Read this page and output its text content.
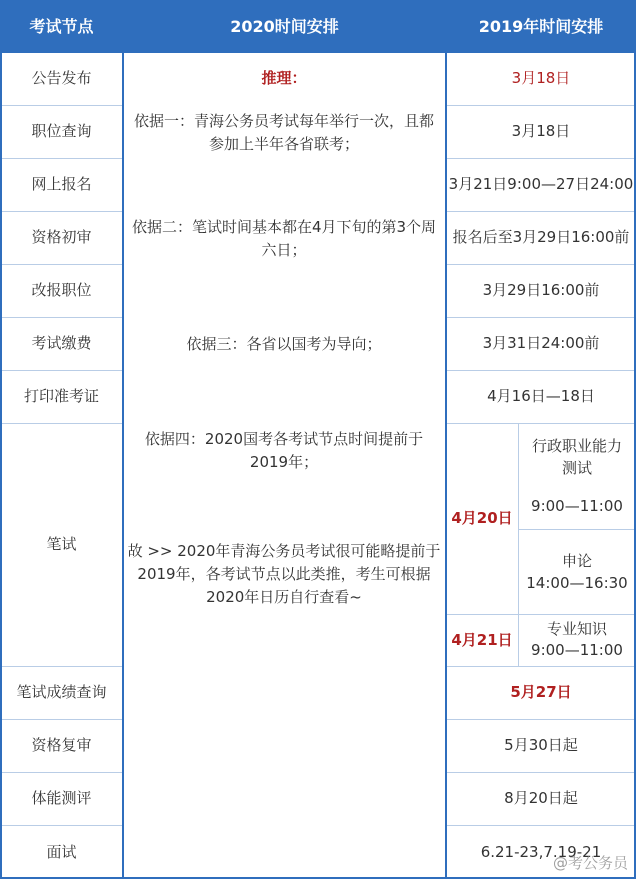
考试节点	2020时间安排	2019年时间安排
公告发布
职位查询
网上报名
资格初审
改报职位
考试缴费
打印准考证
笔试
笔试成绩查询
资格复审
体能测评
面试
3月18日
3月18日
3月21日9:00—27日24:00
报名后至3月29日16:00前
3月29日16:00前
3月31日24:00前
4月16日—18日
4月20日
4月21日
行政职业能力测试
9:00—11:00
申论
14:00—16:30
专业知识
9:00—11:00
5月27日
5月30日起
8月20日起
6.21-23,7.19-21
推理：
依据一：青海公务员考试每年举行一次，且都参加上半年各省联考；
依据二：笔试时间基本都在4月下旬的第3个周六日；
依据三：各省以国考为导向；
依据四：2020国考各考试节点时间提前于2019年；
故 >> 2020年青海公务员考试很可能略提前于2019年，各考试节点以此类推，考生可根据2020年日历自行查看~
@考公务员
